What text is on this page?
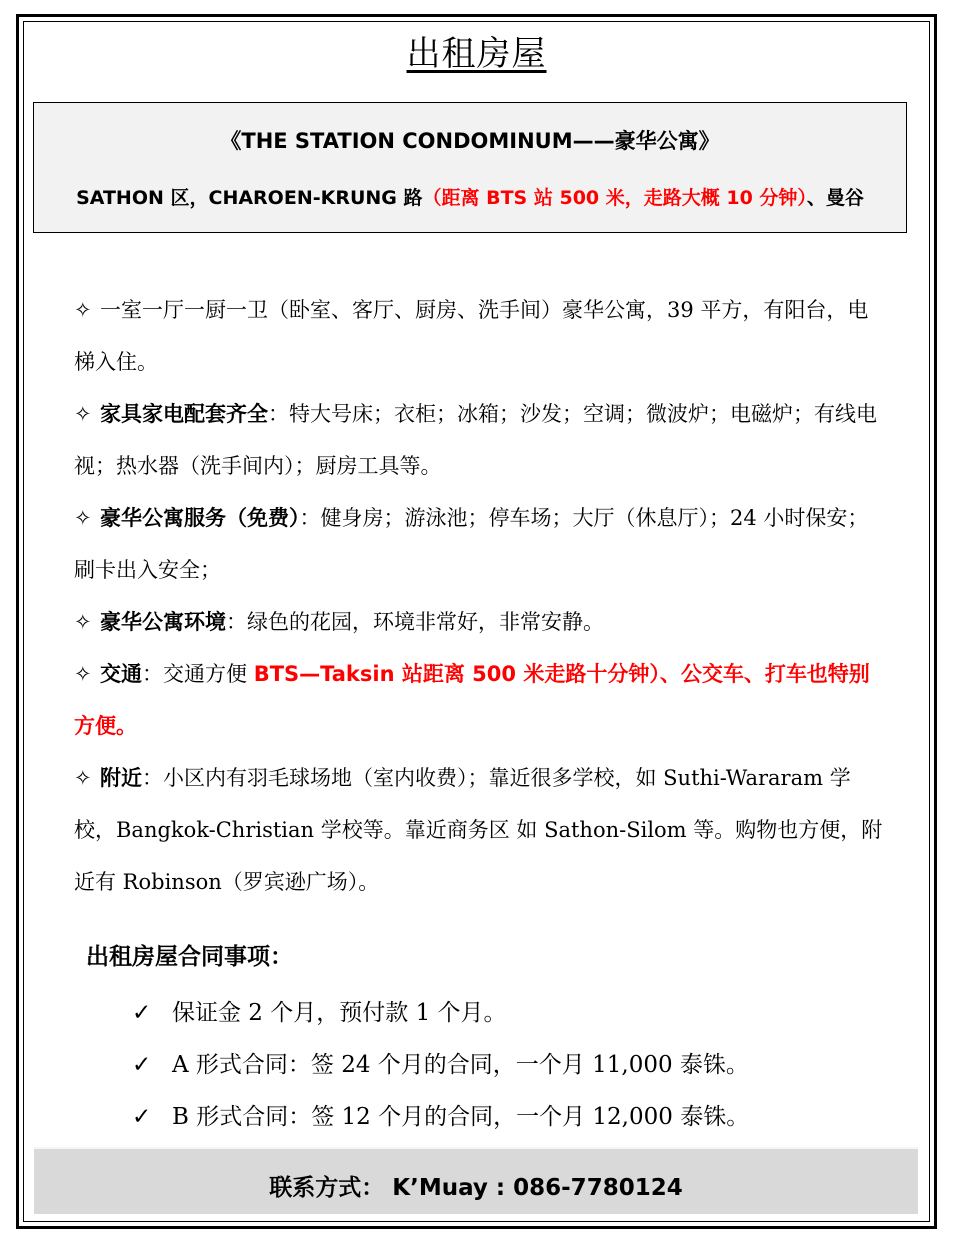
出租房屋
《THE STATION CONDOMINUM——豪华公寓》
SATHON 区，CHAROEN-KRUNG 路（距离 BTS 站 500 米，走路大概 10 分钟）、曼谷
✧ 一室一厅一厨一卫（卧室、客厅、厨房、洗手间）豪华公寓，39 平方，有阳台，电梯入住。
✧ 家具家电配套齐全：特大号床；衣柜；冰箱；沙发；空调；微波炉；电磁炉；有线电视；热水器（洗手间内）；厨房工具等。
✧ 豪华公寓服务（免费）：健身房；游泳池；停车场；大厅（休息厅）；24 小时保安；刷卡出入安全；
✧ 豪华公寓环境：绿色的花园，环境非常好，非常安静。
✧ 交通：交通方便 BTS—Taksin 站距离 500 米走路十分钟）、公交车、打车也特别方便。
✧ 附近：小区内有羽毛球场地（室内收费）；靠近很多学校，如 Suthi-Wararam 学校，Bangkok-Christian 学校等。靠近商务区 如 Sathon-Silom 等。购物也方便，附近有 Robinson（罗宾逊广场）。
出租房屋合同事项：
✓ 保证金 2 个月，预付款 1 个月。
✓ A 形式合同：签 24 个月的合同，一个月 11,000 泰铢。
✓ B 形式合同：签 12 个月的合同，一个月 12,000 泰铢。
联系方式： K’Muay : 086-7780124
